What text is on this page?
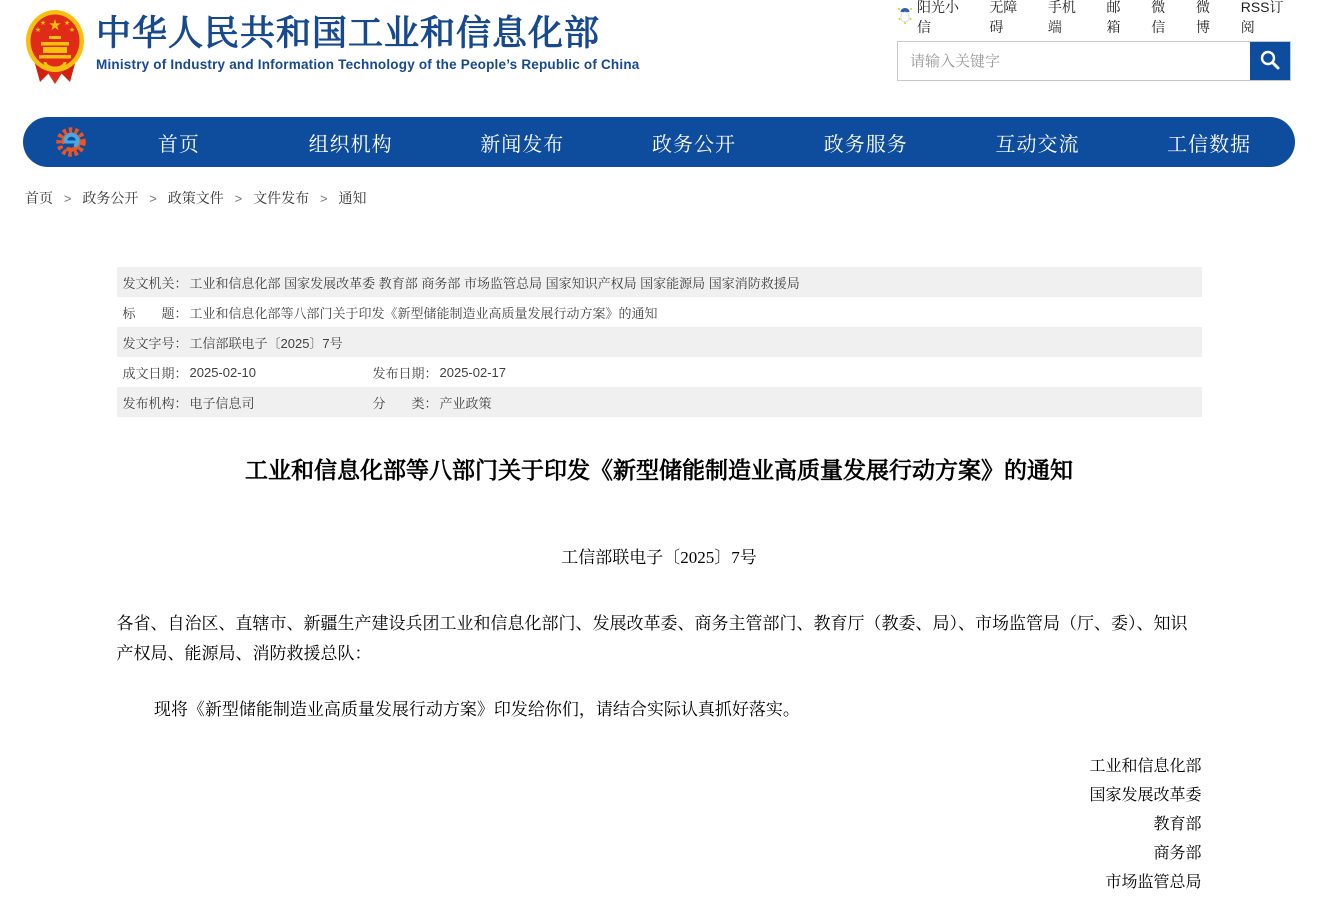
★
★	★
★	★ 中华人民共和国工业和信息化部
Ministry of Industry and Information Technology of the People’s Republic of China
阳光小信
无障碍
手机端
邮箱
微信
微博
RSS订阅
请输入关键字
首页	组织机构	新闻发布	政务公开	政务服务	互动交流	工信数据
首页 > 政务公开 > 政策文件 > 文件发布 > 通知
发文机关： 工业和信息化部 国家发展改革委 教育部 商务部 市场监管总局 国家知识产权局 国家能源局 国家消防救援局
标　　题： 工业和信息化部等八部门关于印发《新型储能制造业高质量发展行动方案》的通知
发文字号： 工信部联电子〔2025〕7号
成文日期： 2025-02-10	发布日期： 2025-02-17
发布机构： 电子信息司	分　　类： 产业政策
工业和信息化部等八部门关于印发《新型储能制造业高质量发展行动方案》的通知
工信部联电子〔2025〕7号
各省、自治区、直辖市、新疆生产建设兵团工业和信息化部门、发展改革委、商务主管部门、教育厅（教委、局）、市场监管局（厅、委）、知识产权局、能源局、消防救援总队：
现将《新型储能制造业高质量发展行动方案》印发给你们，请结合实际认真抓好落实。
工业和信息化部
国家发展改革委
教育部
商务部
市场监管总局
